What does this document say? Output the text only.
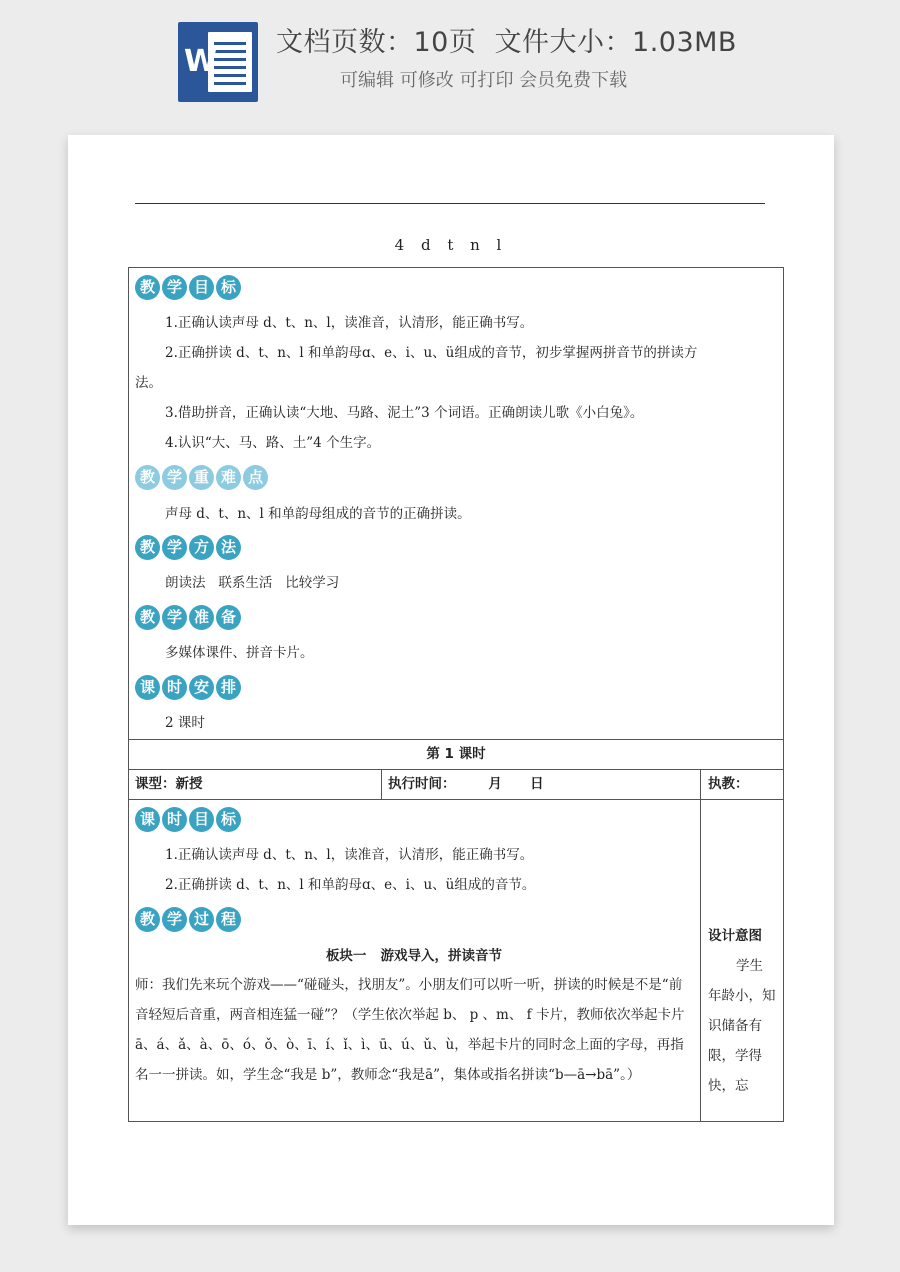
W
文档页数：10页  文件大小：1.03MB
可编辑 可修改 可打印 会员免费下载
4 d t n l
教 学 目 标
1.正确认读声母 d、t、n、l，读准音，认清形，能正确书写。
2.正确拼读 d、t、n、l 和单韵母ɑ、e、i、u、ü组成的音节，初步掌握两拼音节的拼读方
法。
3.借助拼音，正确认读“大地、马路、泥土”3 个词语。正确朗读儿歌《小白兔》。
4.认识“大、马、路、土”4 个生字。
教 学 重 难 点
声母 d、t、n、l 和单韵母组成的音节的正确拼读。
教 学 方 法
朗读法   联系生活   比较学习
教 学 准 备
多媒体课件、拼音卡片。
课 时 安 排
2 课时
第 1 课时
课型：新授	执行时间：       月      日	执教：
课 时 目 标
1.正确认读声母 d、t、n、l，读准音，认清形，能正确书写。
2.正确拼读 d、t、n、l 和单韵母ɑ、e、i、u、ü组成的音节。
教 学 过 程
板块一   游戏导入，拼读音节
师：我们先来玩个游戏——“碰碰头，找朋友”。小朋友们可以听一听，拼读的时候是不是“前音轻短后音重，两音相连猛一碰”？（学生依次举起 b、 p 、m、 f 卡片，教师依次举起卡片ā、á、ǎ、à、ō、ó、ǒ、ò、ī、í、ǐ、ì、ū、ú、ǔ、ù，举起卡片的同时念上面的字母，再指名一一拼读。如，学生念“我是 b”，教师念“我是ā”，集体或指名拼读“b—ā→bā”。）
设计意图
学生年龄小，知识储备有限，学得快，忘
